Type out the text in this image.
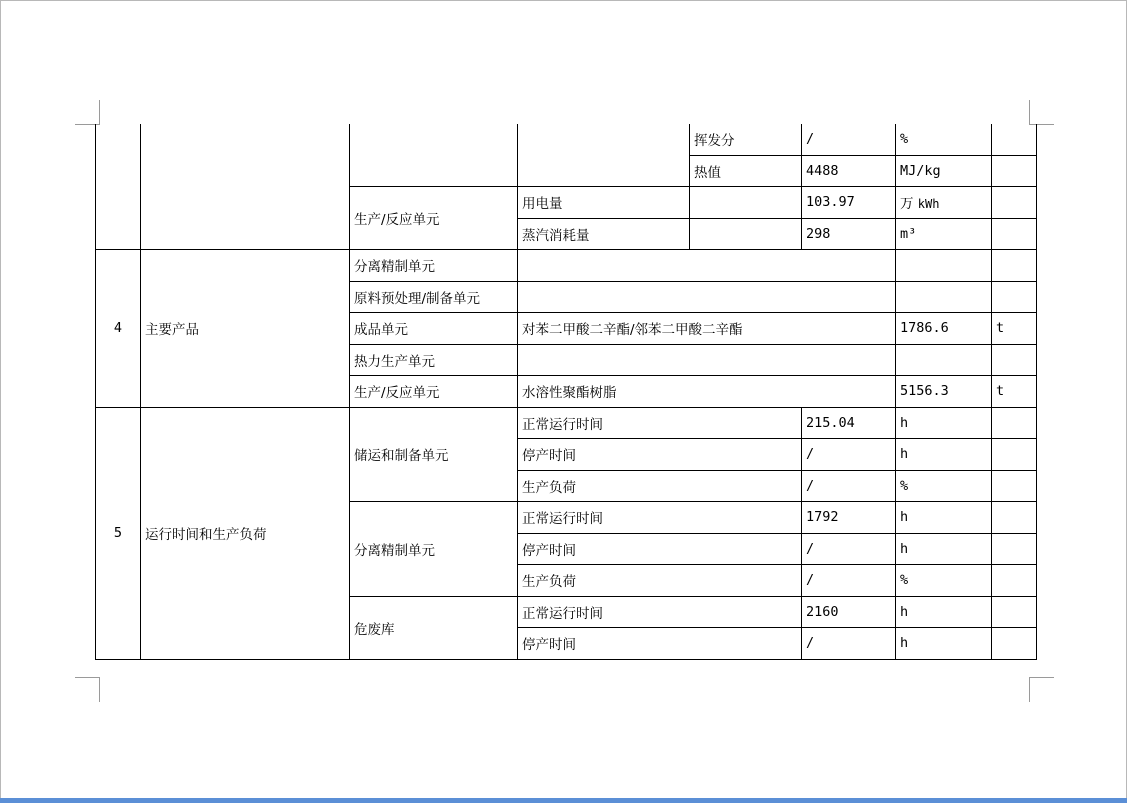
				挥发分	/	%		
				热值	4488	MJ/kg		
		生产/反应单元	用电量		103.97	万 kWh		
			蒸汽消耗量		298	m³		
4	主要产品	分离精制单元						
		原料预处理/制备单元						
		成品单元	对苯二甲酸二辛酯/邻苯二甲酸二辛酯			1786.6	t	
		热力生产单元						
		生产/反应单元	水溶性聚酯树脂			5156.3	t	
5	运行时间和生产负荷	储运和制备单元	正常运行时间		215.04	h		
			停产时间		/	h		
			生产负荷		/	%		
		分离精制单元	正常运行时间		1792	h		
			停产时间		/	h		
			生产负荷		/	%		
		危废库	正常运行时间		2160	h		
			停产时间		/	h		
